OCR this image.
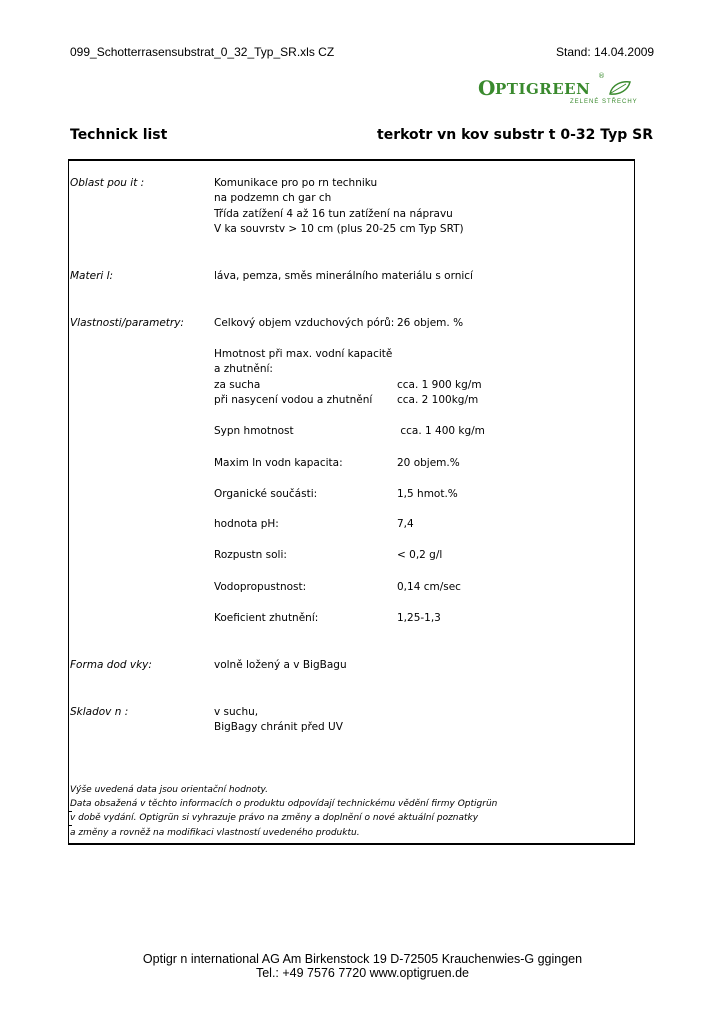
099_Schotterrasensubstrat_0_32_Typ_SR.xls CZ	Stand: 14.04.2009
O PTIGREEN
®
ZELENÉ STŘECHY
Technick list	terkotr vn kov substr t 0-32 Typ SR
Oblast pou it :	Komunikace pro po rn techniku
na podzemn ch gar ch
Třída zatížení 4 až 16 tun zatížení na nápravu
V ka souvrstv > 10 cm (plus 20-25 cm Typ SRT)
Materi l:	láva, pemza, směs minerálního materiálu s ornicí
Vlastnosti/parametry:	Celkový objem vzduchových pórů: 26 objem. %
Hmotnost při max. vodní kapacitě
a zhutnění:
za sucha	cca. 1 900 kg/m
při nasycení vodou a zhutnění cca. 2 100kg/m
Sypn hmotnost	cca. 1 400 kg/m
Maxim ln vodn kapacita:	20 objem.%
Organické součásti:	1,5 hmot.%
hodnota pH:	7,4
Rozpustn soli:	< 0,2 g/l
Vodopropustnost:	0,14 cm/sec
Koeficient zhutnění:	1,25-1,3
Forma dod vky:	volně ložený a v BigBagu
Skladov n :	v suchu,
BigBagy chránit před UV
Výše uvedená data jsou orientační hodnoty.
Data obsažená v těchto informacích o produktu odpovídají technickému vědění firmy Optigrün
v době vydání. Optigrün si vyhrazuje právo na změny a doplnění o nové aktuální poznatky
a změny a rovněž na modifikaci vlastností uvedeného produktu.
Optigr n international AG Am Birkenstock 19 D-72505 Krauchenwies-G ggingen
Tel.: +49 7576 7720 www.optigruen.de
